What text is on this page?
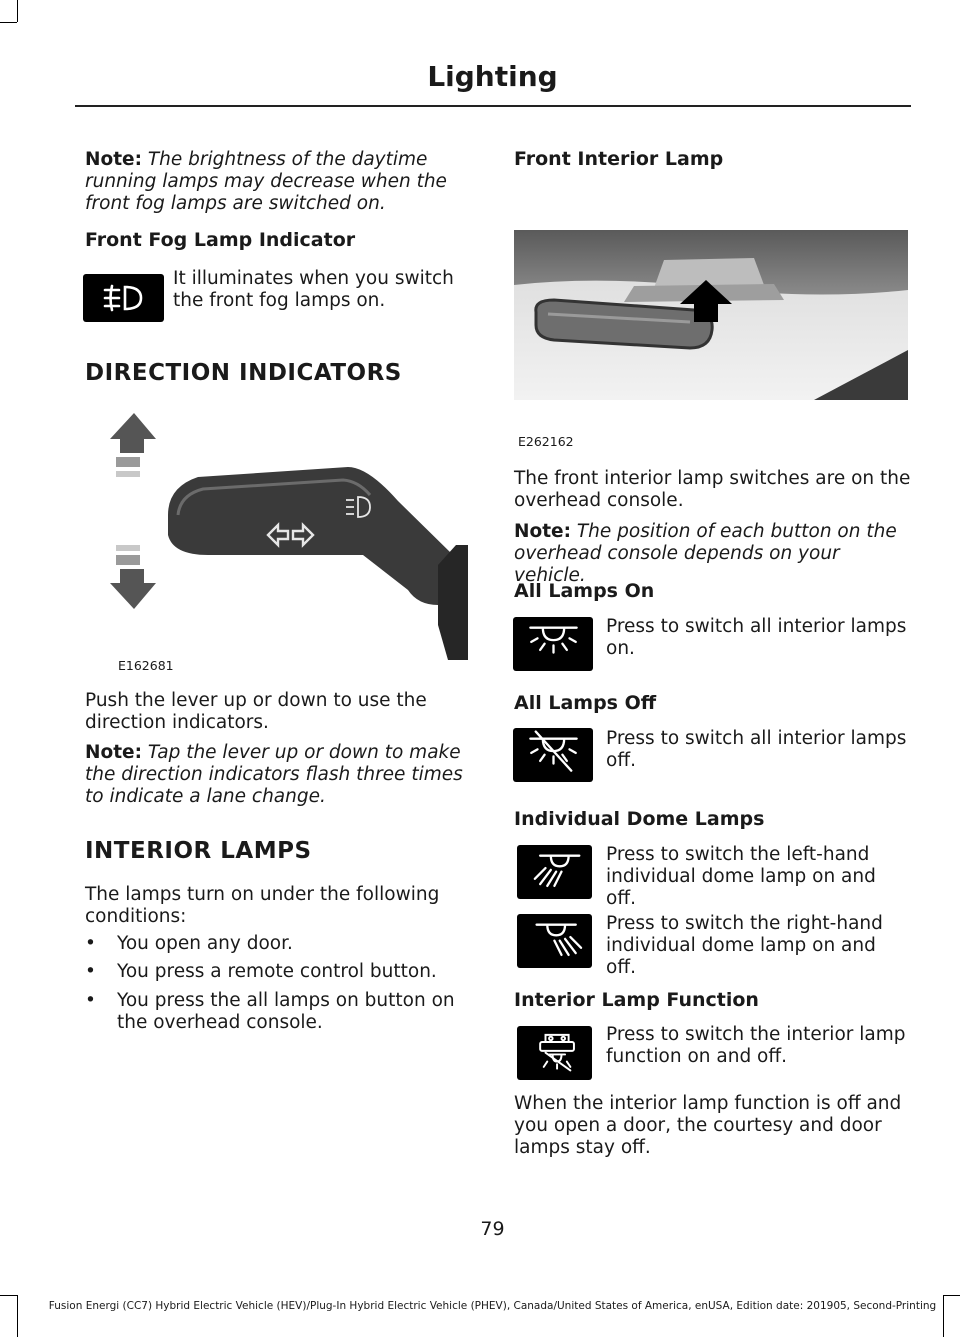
Lighting
Note: The brightness of the daytime running lamps may decrease when the front fog lamps are switched on.
Front Fog Lamp Indicator
It illuminates when you switch the front fog lamps on.
DIRECTION INDICATORS
E162681
Push the lever up or down to use the direction indicators.
Note: Tap the lever up or down to make the direction indicators flash three times to indicate a lane change.
INTERIOR LAMPS
The lamps turn on under the following conditions:
• You open any door.
• You press a remote control button.
• You press the all lamps on button on the overhead console.
Front Interior Lamp
E262162
The front interior lamp switches are on the overhead console.
Note: The position of each button on the overhead console depends on your vehicle.
All Lamps On
Press to switch all interior lamps on.
All Lamps Off
Press to switch all interior lamps off.
Individual Dome Lamps
Press to switch the left-hand individual dome lamp on and off.
Press to switch the right-hand individual dome lamp on and off.
Interior Lamp Function
Press to switch the interior lamp function on and off.
When the interior lamp function is off and you open a door, the courtesy and door lamps stay off.
79
Fusion Energi (CC7) Hybrid Electric Vehicle (HEV)/Plug-In Hybrid Electric Vehicle (PHEV), Canada/United States of America, enUSA, Edition date: 201905, Second-Printing
